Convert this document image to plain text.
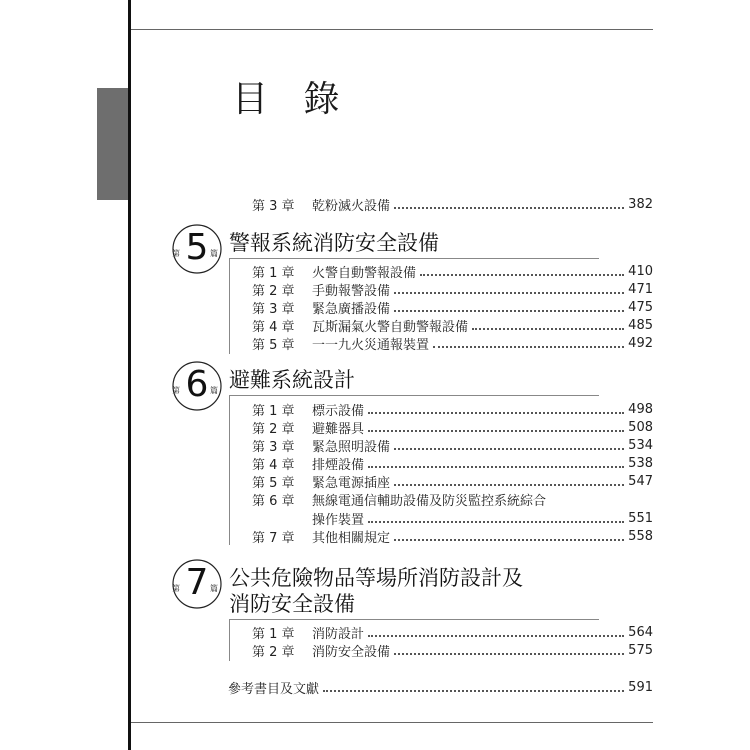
目 錄
第 3 章	乾粉滅火設備	382
第 5 篇 警報系統消防安全設備
第 1 章	火警自動警報設備	410
第 2 章	手動報警設備	471
第 3 章	緊急廣播設備	475
第 4 章	瓦斯漏氣火警自動警報設備	485
第 5 章	一一九火災通報裝置	492
第 6 篇 避難系統設計
第 1 章	標示設備	498
第 2 章	避難器具	508
第 3 章	緊急照明設備	534
第 4 章	排煙設備	538
第 5 章	緊急電源插座	547
第 6 章	無線電通信輔助設備及防災監控系統綜合
操作裝置	551
第 7 章	其他相關規定	558
第 7 篇 公共危險物品等場所消防設計及
消防安全設備
第 1 章	消防設計	564
第 2 章	消防安全設備	575
參考書目及文獻	591
